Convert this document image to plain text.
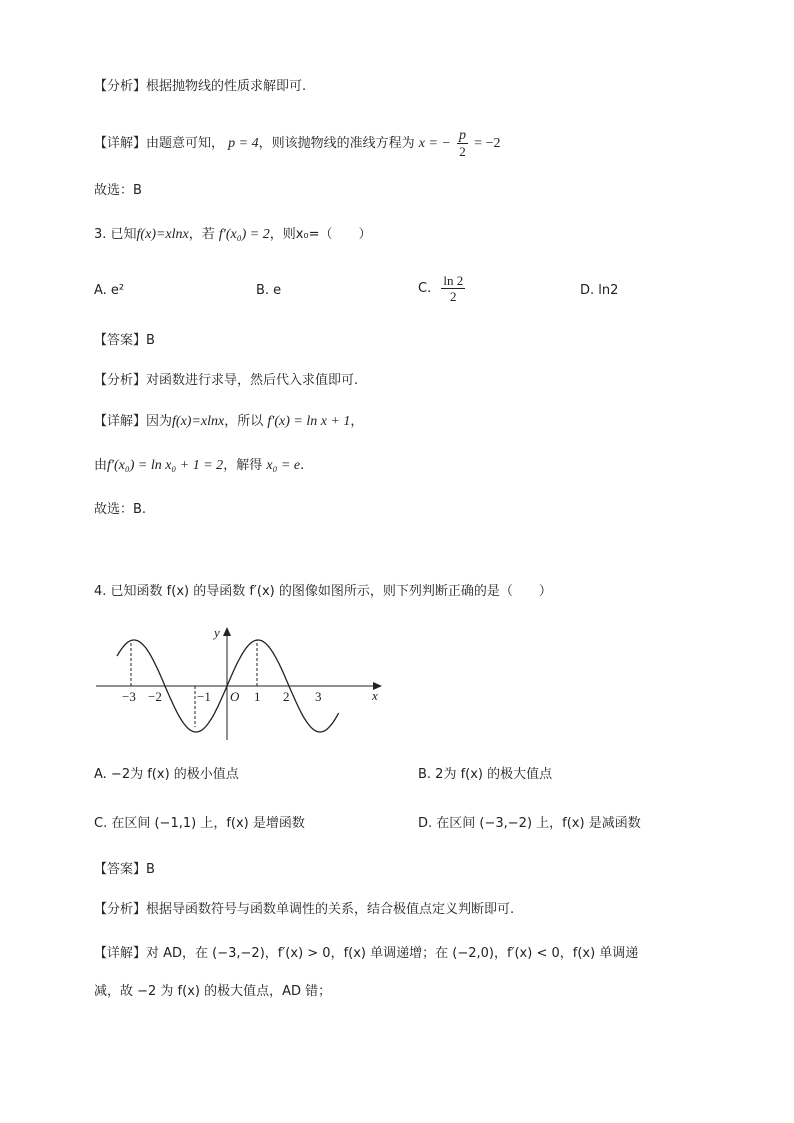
【分析】根据抛物线的性质求解即可.
【详解】由题意可知， p = 4，则该抛物线的准线方程为 x = − $\frac{p}{2} = -2$
故选：B
3. 已知f(x)=xlnx，若 f′(x₀) = 2，则x₀=（　　）
A. e²	B. e	C. $\frac{\ln 2}{2}$	D. ln2
【答案】B
【分析】对函数进行求导，然后代入求值即可.
【详解】因为f(x)=xlnx，所以 f′(x) = ln x + 1，
由f′(x₀) = ln x₀ + 1 = 2，解得 x₀ = e.
故选：B.
4. 已知函数 f(x) 的导函数 f′(x) 的图像如图所示，则下列判断正确的是（　　）
−3 −2	−1 O 1 2 3	x
y
A. −2为 f(x) 的极小值点	B. 2为 f(x) 的极大值点
C. 在区间 (−1,1) 上，f(x) 是增函数	D. 在区间 (−3,−2) 上，f(x) 是减函数
【答案】B
【分析】根据导函数符号与函数单调性的关系，结合极值点定义判断即可.
【详解】对 AD，在 (−3,−2)，f′(x) > 0，f(x) 单调递增；在 (−2,0)，f′(x) < 0，f(x) 单调递
减，故 −2 为 f(x) 的极大值点，AD 错；
